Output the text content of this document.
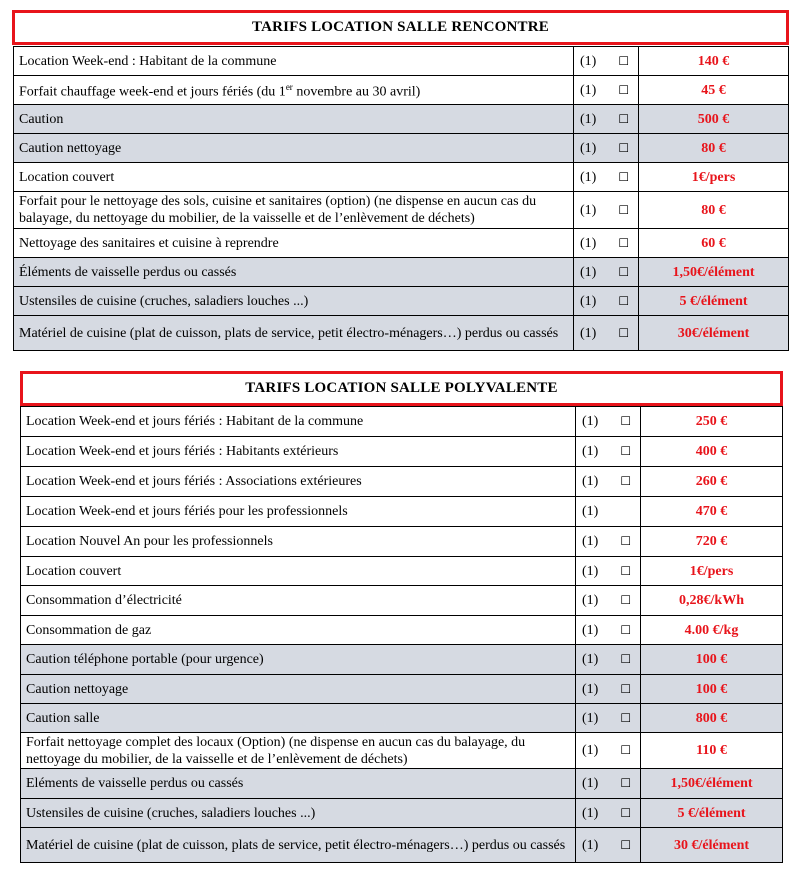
TARIFS LOCATION SALLE RENCONTRE
Location Week-end : Habitant de la commune	(1) ☐	140 €
Forfait chauffage week-end et jours fériés (du 1er novembre au 30 avril)	(1) ☐	45 €
Caution	(1) ☐	500 €
Caution nettoyage	(1) ☐	80 €
Location couvert	(1) ☐	1€/pers
Forfait pour le nettoyage des sols, cuisine et sanitaires (option) (ne dispense en aucun cas du balayage, du nettoyage du mobilier, de la vaisselle et de l’enlèvement de déchets)	(1) ☐	80 €
Nettoyage des sanitaires et cuisine à reprendre	(1) ☐	60 €
Éléments de vaisselle perdus ou cassés	(1) ☐	1,50€/élément
Ustensiles de cuisine (cruches, saladiers louches ...)	(1) ☐	5 €/élément
Matériel de cuisine (plat de cuisson, plats de service, petit électro-ménagers…) perdus ou cassés	(1) ☐	30€/élément
TARIFS LOCATION SALLE POLYVALENTE
Location Week-end et jours fériés : Habitant de la commune	(1) ☐	250 €
Location Week-end et jours fériés : Habitants extérieurs	(1) ☐	400 €
Location Week-end et jours fériés : Associations extérieures	(1) ☐	260 €
Location Week-end et jours fériés pour les professionnels	(1)	470 €
Location Nouvel An pour les professionnels	(1) ☐	720 €
Location couvert	(1) ☐	1€/pers
Consommation d’électricité	(1) ☐	0,28€/kWh
Consommation de gaz	(1) ☐	4.00 €/kg
Caution téléphone portable (pour urgence)	(1) ☐	100 €
Caution nettoyage	(1) ☐	100 €
Caution salle	(1) ☐	800 €
Forfait nettoyage complet des locaux (Option) (ne dispense en aucun cas du balayage, du nettoyage du mobilier, de la vaisselle et de l’enlèvement de déchets)	(1) ☐	110 €
Eléments de vaisselle perdus ou cassés	(1) ☐	1,50€/élément
Ustensiles de cuisine (cruches, saladiers louches ...)	(1) ☐	5 €/élément
Matériel de cuisine (plat de cuisson, plats de service, petit électro-ménagers…) perdus ou cassés	(1) ☐	30 €/élément
